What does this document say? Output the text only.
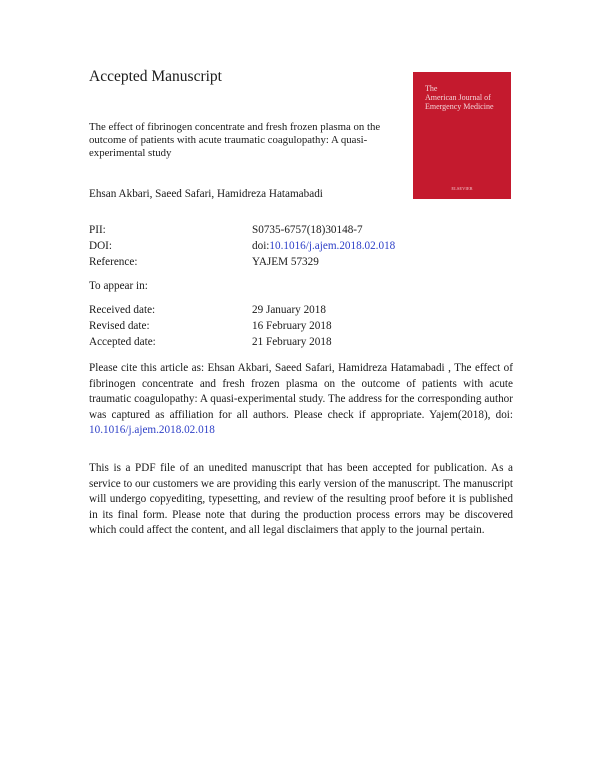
Accepted Manuscript

The effect of fibrinogen concentrate and fresh frozen plasma on the outcome of patients with acute traumatic coagulopathy: A quasi-experimental study

Ehsan Akbari, Saeed Safari, Hamidreza Hatamabadi

The
American Journal of
Emergency Medicine
ELSEVIER
PII:	S0735-6757(18)30148-7
DOI:	doi:10.1016/j.ajem.2018.02.018
Reference:	YAJEM 57329
To appear in:
Received date:	29 January 2018
Revised date:	16 February 2018
Accepted date:	21 February 2018

Please cite this article as: Ehsan Akbari, Saeed Safari, Hamidreza Hatamabadi , The effect of fibrinogen concentrate and fresh frozen plasma on the outcome of patients with acute traumatic coagulopathy: A quasi-experimental study. The address for the corresponding author was captured as affiliation for all authors. Please check if appropriate. Yajem(2018), doi: 10.1016/j.ajem.2018.02.018

This is a PDF file of an unedited manuscript that has been accepted for publication. As a service to our customers we are providing this early version of the manuscript. The manuscript will undergo copyediting, typesetting, and review of the resulting proof before it is published in its final form. Please note that during the production process errors may be discovered which could affect the content, and all legal disclaimers that apply to the journal pertain.
